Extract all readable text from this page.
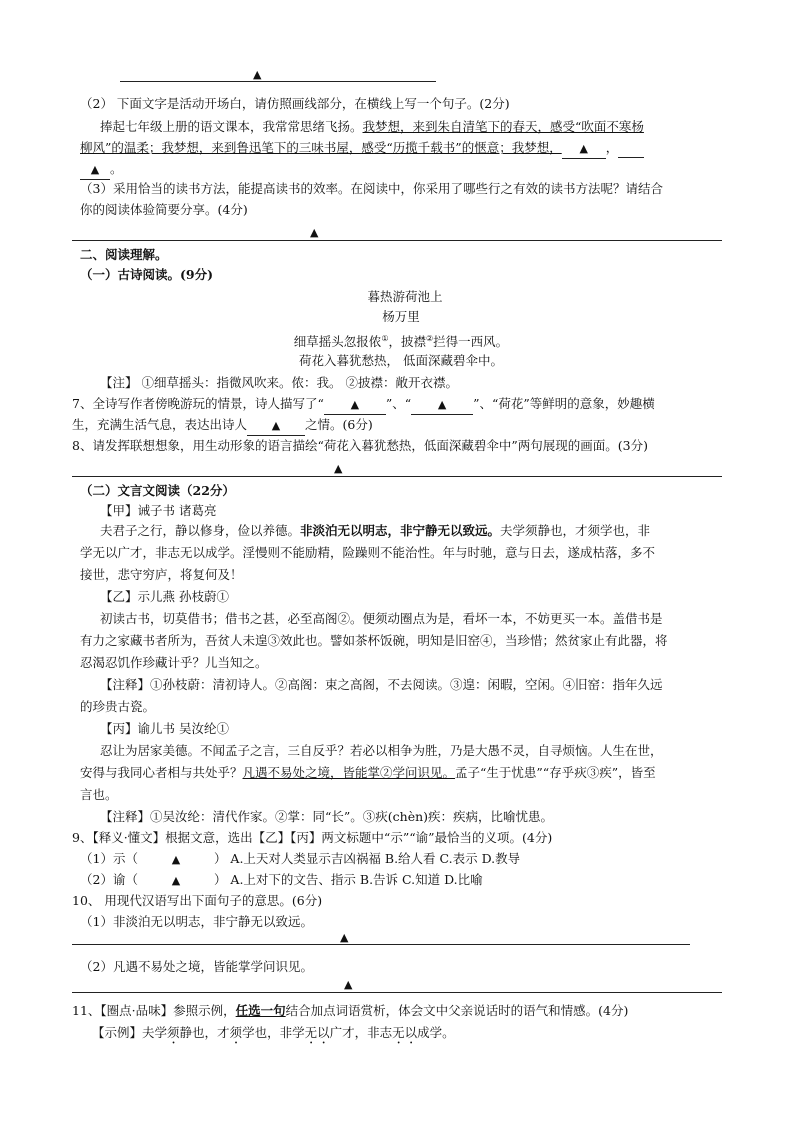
▲
（2） 下面文字是活动开场白，请仿照画线部分，在横线上写一个句子。(2分)
捧起七年级上册的语文课本，我常常思绪飞扬。我梦想，来到朱自清笔下的春天，感受“吹面不寒杨
柳风”的温柔；我梦想，来到鲁迅笔下的三味书屋，感受“历揽千载书”的惬意；我梦想， ▲ ，
▲ 。
（3）采用恰当的读书方法，能提高读书的效率。在阅读中，你采用了哪些行之有效的读书方法呢？请结合
你的阅读体验简要分享。(4分)
▲
二、阅读理解。
（一）古诗阅读。(9分)
暮热游荷池上
杨万里
细草摇头忽报侬①，披襟②拦得一西风。
荷花入暮犹愁热， 低面深藏碧伞中。
【注】 ①细草摇头：指微风吹来。侬：我。 ②披襟：敞开衣襟。
7、全诗写作者傍晚游玩的情景，诗人描写了“ ▲ ”、“ ▲ ”、“荷花”等鲜明的意象，妙趣横
生，充满生活气息，表达出诗人 ▲ 之情。(6分)
8、请发挥联想想象，用生动形象的语言描绘“荷花入暮犹愁热，低面深藏碧伞中”两句展现的画面。(3分)
▲
（二）文言文阅读（22分）
【甲】诫子书 诸葛亮
夫君子之行，静以修身，俭以养德。非淡泊无以明志，非宁静无以致远。夫学须静也，才须学也，非
学无以广才，非志无以成学。淫慢则不能励精，险躁则不能治性。年与时驰，意与日去，遂成枯落，多不
接世，悲守穷庐，将复何及！
【乙】示儿燕 孙枝蔚①
初读古书，切莫借书；借书之甚，必至高阁②。便须动圈点为是，看坏一本，不妨更买一本。盖借书是
有力之家藏书者所为，吾贫人未遑③效此也。譬如茶杯饭碗，明知是旧窑④，当珍惜；然贫家止有此器，将
忍渴忍饥作珍藏计乎？儿当知之。
【注释】①孙枝蔚：清初诗人。②高阁：束之高阁，不去阅读。③遑：闲暇，空闲。④旧窑：指年久远
的珍贵古瓷。
【丙】谕儿书 吴汝纶①
忍让为居家美德。不闻孟子之言，三自反乎？若必以相争为胜，乃是大愚不灵，自寻烦恼。人生在世，
安得与我同心者相与共处乎？凡遇不易处之境，皆能掌②学问识见。孟子“生于忧患”“存乎疢③疾”，皆至
言也。
【注释】①吴汝纶：清代作家。②掌：同“长”。③疢(chèn)疾：疾病，比喻忧患。
9、【释义·懂文】根据文意，选出【乙】【丙】两文标题中“示”“谕”最恰当的义项。(4分)
（1）示（	▲	） A.上天对人类显示吉凶祸福 B.给人看 C.表示 D.教导
（2）谕（	▲	） A.上对下的文告、指示 B.告诉 C.知道 D.比喻
10、 用现代汉语写出下面句子的意思。(6分)
（1）非淡泊无以明志，非宁静无以致远。
▲
（2）凡遇不易处之境，皆能掌学问识见。
▲
11、【圈点·品味】参照示例，任选一句结合加点词语赏析，体会文中父亲说话时的语气和情感。(4分)
【示例】夫学须静也，才须学也，非学无以广才，非志无以成学。
